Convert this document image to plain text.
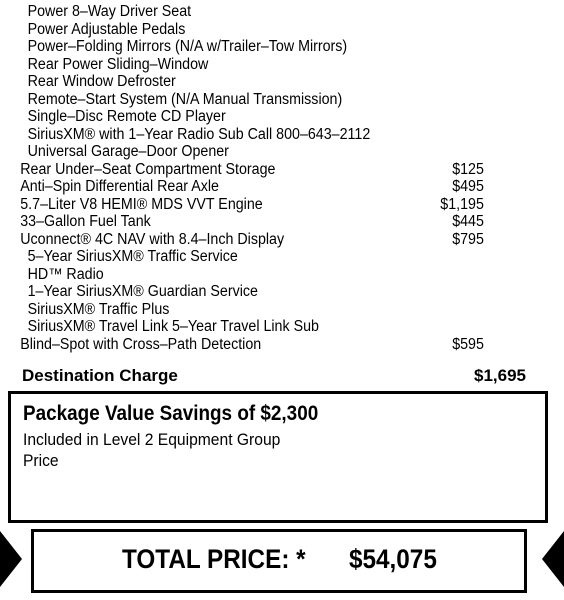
Power 8–Way Driver Seat
Power Adjustable Pedals
Power–Folding Mirrors (N/A w/Trailer–Tow Mirrors)
Rear Power Sliding–Window
Rear Window Defroster
Remote–Start System (N/A Manual Transmission)
Single–Disc Remote CD Player
SiriusXM® with 1–Year Radio Sub Call 800–643–2112
Universal Garage–Door Opener
Rear Under–Seat Compartment Storage	$125
Anti–Spin Differential Rear Axle	$495
5.7–Liter V8 HEMI® MDS VVT Engine	$1,195
33–Gallon Fuel Tank	$445
Uconnect® 4C NAV with 8.4–Inch Display	$795
5–Year SiriusXM® Traffic Service
HD™ Radio
1–Year SiriusXM® Guardian Service
SiriusXM® Traffic Plus
SiriusXM® Travel Link 5–Year Travel Link Sub
Blind–Spot with Cross–Path Detection	$595
Destination Charge	$1,695
Package Value Savings of $2,300
Included in Level 2 Equipment Group
Price
TOTAL PRICE: * $54,075
